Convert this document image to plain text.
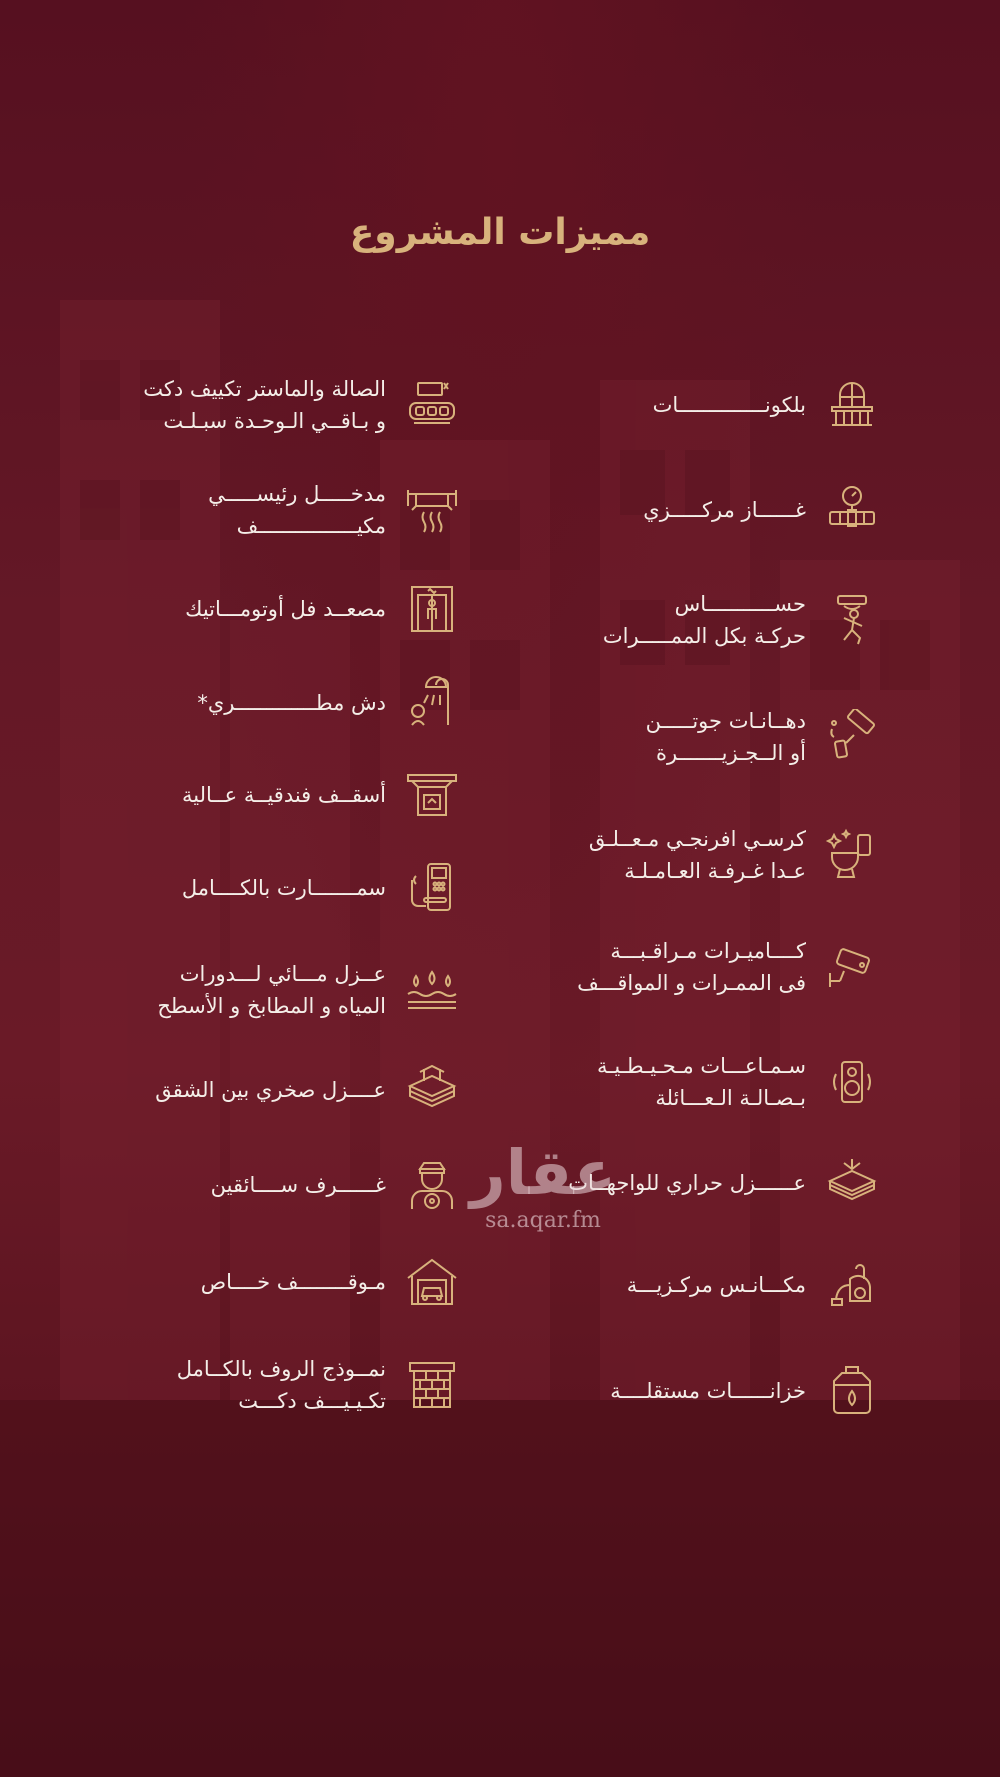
مميزات المشروع
بلكونــــــــــــــات
غــــــاز مركـــــزي
حســـــــــــاس
حركـة بكل الممـــــرات
دهــانـات جوتـــــن
أو الــجـزيـــــــرة
كرسـي افرنجـي مـعــلـق
عـدا غـرفـة العـامـلـة
كــــاميـرات مـراقـبـــة
فى الممـرات و المواقـــف
سـمـاعـــات مـحـيـطـيـة
بـصـالـة الـعـــائلة
عــــــزل حراري للواجهــات
مكـــانـس مركـزيـــة
خزانــــــات مستقلــــة
الصالة والماستر تكييف دكت
و بـاقــي الـوحـدة سبـلـت
مدخـــــل رئيســـــي
مكيــــــــــــــــف
مصعــد فل أوتومـــاتيك
دش مطـــــــــــــري*
أسقــف فندقيــة عــالية
سمـــــــارت بالكــــامل
عــزل مـــائي لـــدورات
المياه و المطابخ و الأسطح
عــــزل صخري بين الشقق
غــــــرف ســــائقين
مـوقــــــــف خــــاص
نمــوذج الروف بالكــامل
تكـيـيـــف دكـــت
عقار
sa.aqar.fm
